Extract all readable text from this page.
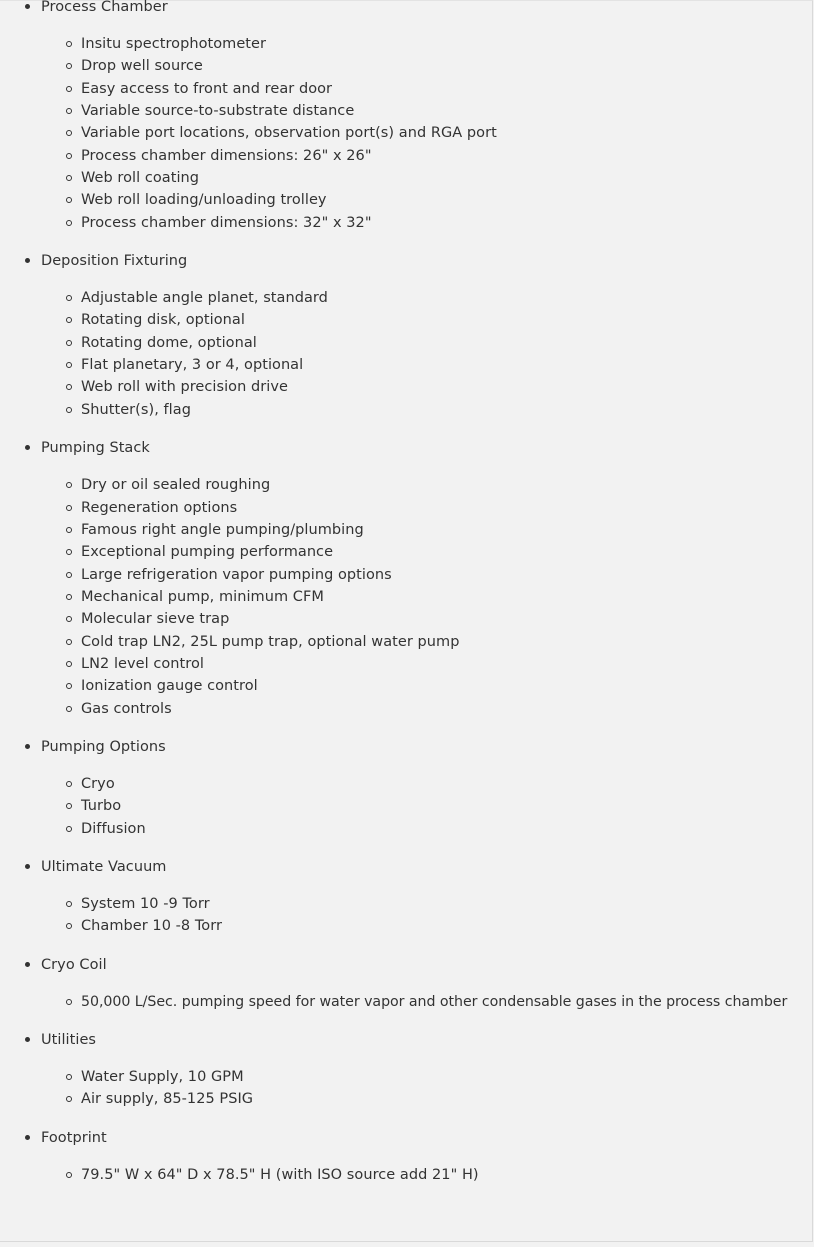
Process Chamber
Insitu spectrophotometer
Drop well source
Easy access to front and rear door
Variable source-to-substrate distance
Variable port locations, observation port(s) and RGA port
Process chamber dimensions: 26" x 26"
Web roll coating
Web roll loading/unloading trolley
Process chamber dimensions: 32" x 32"
Deposition Fixturing
Adjustable angle planet, standard
Rotating disk, optional
Rotating dome, optional
Flat planetary, 3 or 4, optional
Web roll with precision drive
Shutter(s), flag
Pumping Stack
Dry or oil sealed roughing
Regeneration options
Famous right angle pumping/plumbing
Exceptional pumping performance
Large refrigeration vapor pumping options
Mechanical pump, minimum CFM
Molecular sieve trap
Cold trap LN2, 25L pump trap, optional water pump
LN2 level control
Ionization gauge control
Gas controls
Pumping Options
Cryo
Turbo
Diffusion
Ultimate Vacuum
System 10 -9 Torr
Chamber 10 -8 Torr
Cryo Coil
50,000 L/Sec. pumping speed for water vapor and other condensable gases in the process chamber
Utilities
Water Supply, 10 GPM
Air supply, 85-125 PSIG
Footprint
79.5" W x 64" D x 78.5" H (with ISO source add 21" H)
